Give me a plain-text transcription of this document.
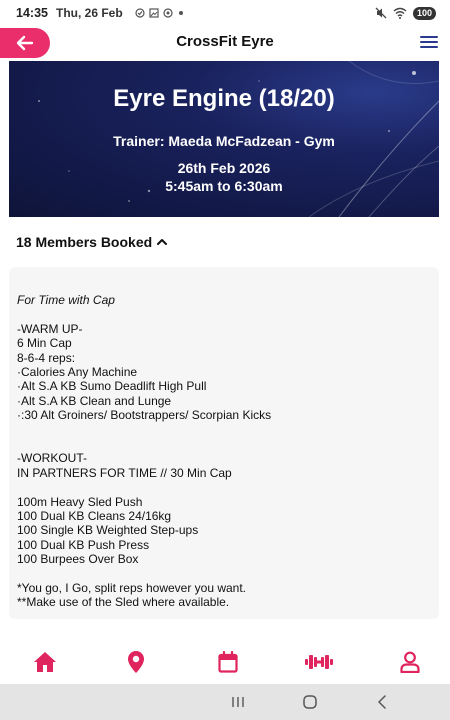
14:35 Thu, 26 Feb	100
CrossFit Eyre
Eyre Engine (18/20)
Trainer: Maeda McFadzean - Gym
26th Feb 2026
5:45am to 6:30am
18 Members Booked
For Time with Cap
-WARM UP-
6 Min Cap
8-6-4 reps:
·Calories Any Machine
·Alt S.A KB Sumo Deadlift High Pull
·Alt S.A KB Clean and Lunge
·:30 Alt Groiners/ Bootstrappers/ Scorpian Kicks
-WORKOUT-
IN PARTNERS FOR TIME // 30 Min Cap
100m Heavy Sled Push
100 Dual KB Cleans 24/16kg
100 Single KB Weighted Step-ups
100 Dual KB Push Press
100 Burpees Over Box
*You go, I Go, split reps however you want.
**Make use of the Sled where available.
